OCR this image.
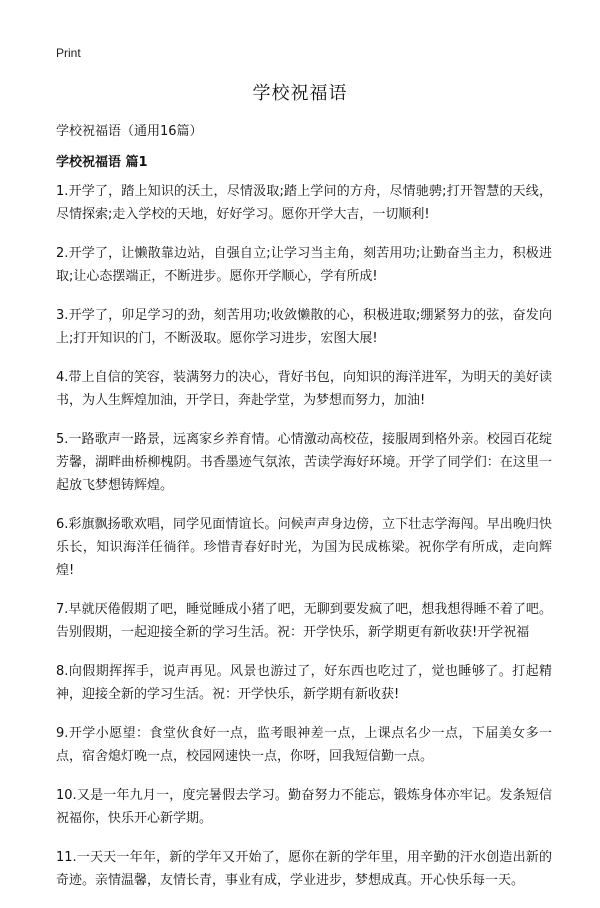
Print
学校祝福语

学校祝福语（通用16篇）

学校祝福语 篇1

1.开学了，踏上知识的沃土，尽情汲取;踏上学问的方舟，尽情驰骋;打开智慧的天线，尽情探索;走入学校的天地，好好学习。愿你开学大吉，一切顺利!

2.开学了，让懒散靠边站，自强自立;让学习当主角，刻苦用功;让勤奋当主力，积极进取;让心态摆端正，不断进步。愿你开学顺心，学有所成!

3.开学了，卯足学习的劲，刻苦用功;收敛懒散的心，积极进取;绷紧努力的弦，奋发向上;打开知识的门，不断汲取。愿你学习进步，宏图大展!

4.带上自信的笑容，装满努力的决心，背好书包，向知识的海洋进军，为明天的美好读书，为人生辉煌加油，开学日，奔赴学堂，为梦想而努力，加油!

5.一路歌声一路景，远离家乡养育情。心情激动高校莅，接服周到格外亲。校园百花绽芳馨，湖畔曲桥柳槐阴。书香墨迹气氛浓，苦读学海好环境。开学了同学们：在这里一起放飞梦想铸辉煌。

6.彩旗飘扬歌欢唱，同学见面情谊长。问候声声身边傍，立下壮志学海闯。早出晚归快乐长，知识海洋任徜徉。珍惜青春好时光，为国为民成栋梁。祝你学有所成，走向辉煌!

7.早就厌倦假期了吧，睡觉睡成小猪了吧，无聊到要发疯了吧，想我想得睡不着了吧。告别假期，一起迎接全新的学习生活。祝：开学快乐，新学期更有新收获!开学祝福

8.向假期挥挥手，说声再见。风景也游过了，好东西也吃过了，觉也睡够了。打起精神，迎接全新的学习生活。祝：开学快乐，新学期有新收获!

9.开学小愿望：食堂伙食好一点，监考眼神差一点，上课点名少一点，下届美女多一点，宿舍熄灯晚一点，校园网速快一点，你呀，回我短信勤一点。

10.又是一年九月一，度完暑假去学习。勤奋努力不能忘，锻炼身体亦牢记。发条短信祝福你，快乐开心新学期。

11.一天天一年年，新的学年又开始了，愿你在新的学年里，用辛勤的汗水创造出新的奇迹。亲情温馨，友情长青，事业有成，学业进步，梦想成真。开心快乐每一天。
